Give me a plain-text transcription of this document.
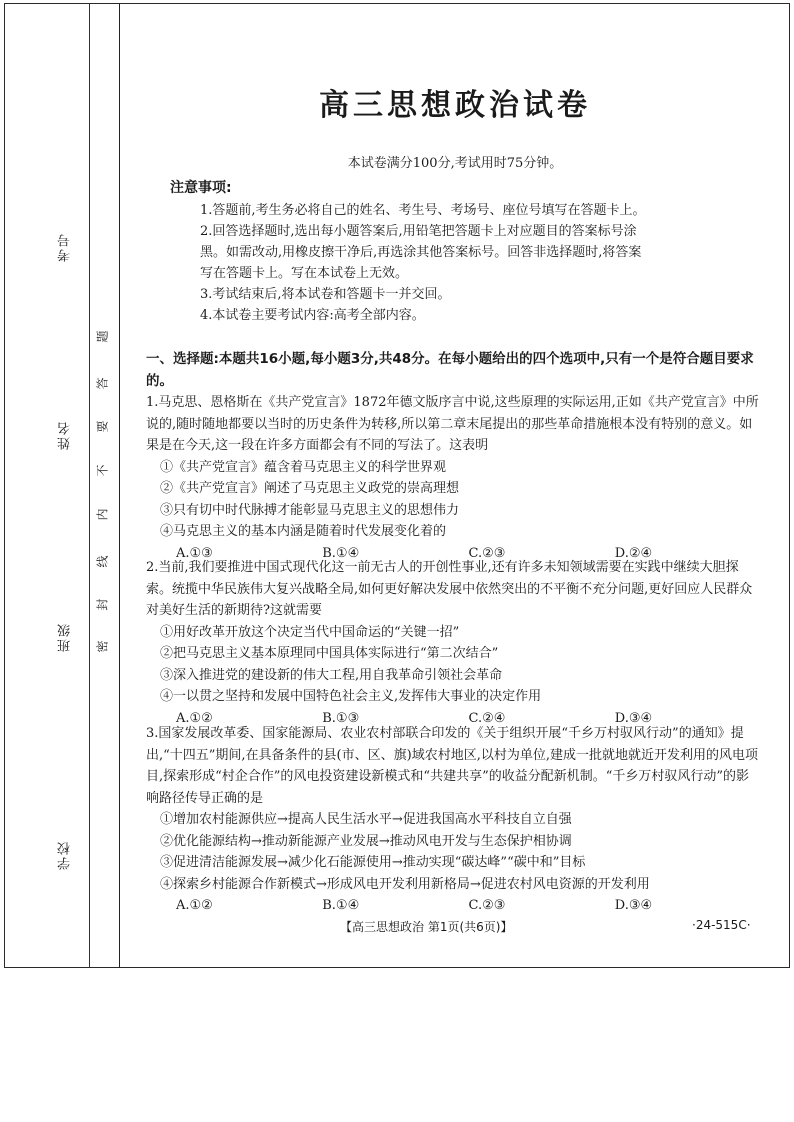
考号
姓名
班级
学校
题
答
要
不
内
线
封
密
高三思想政治试卷
本试卷满分100分,考试用时75分钟。
注意事项:
1.答题前,考生务必将自己的姓名、考生号、考场号、座位号填写在答题卡上。
2.回答选择题时,选出每小题答案后,用铅笔把答题卡上对应题目的答案标号涂黑。如需改动,用橡皮擦干净后,再选涂其他答案标号。回答非选择题时,将答案写在答题卡上。写在本试卷上无效。
3.考试结束后,将本试卷和答题卡一并交回。
4.本试卷主要考试内容:高考全部内容。
一、选择题:本题共16小题,每小题3分,共48分。在每小题给出的四个选项中,只有一个是符合题目要求的。
1.马克思、恩格斯在《共产党宣言》1872年德文版序言中说,这些原理的实际运用,正如《共产党宣言》中所说的,随时随地都要以当时的历史条件为转移,所以第二章末尾提出的那些革命措施根本没有特别的意义。如果是在今天,这一段在许多方面都会有不同的写法了。这表明
①《共产党宣言》蕴含着马克思主义的科学世界观
②《共产党宣言》阐述了马克思主义政党的崇高理想
③只有切中时代脉搏才能彰显马克思主义的思想伟力
④马克思主义的基本内涵是随着时代发展变化着的
A.①③	B.①④	C.②③	D.②④
2.当前,我们要推进中国式现代化这一前无古人的开创性事业,还有许多未知领域需要在实践中继续大胆探索。统揽中华民族伟大复兴战略全局,如何更好解决发展中依然突出的不平衡不充分问题,更好回应人民群众对美好生活的新期待?这就需要
①用好改革开放这个决定当代中国命运的“关键一招”
②把马克思主义基本原理同中国具体实际进行“第二次结合”
③深入推进党的建设新的伟大工程,用自我革命引领社会革命
④一以贯之坚持和发展中国特色社会主义,发挥伟大事业的决定作用
A.①②	B.①③	C.②④	D.③④
3.国家发展改革委、国家能源局、农业农村部联合印发的《关于组织开展“千乡万村驭风行动”的通知》提出,“十四五”期间,在具备条件的县(市、区、旗)域农村地区,以村为单位,建成一批就地就近开发利用的风电项目,探索形成“村企合作”的风电投资建设新模式和“共建共享”的收益分配新机制。“千乡万村驭风行动”的影响路径传导正确的是
①增加农村能源供应→提高人民生活水平→促进我国高水平科技自立自强
②优化能源结构→推动新能源产业发展→推动风电开发与生态保护相协调
③促进清洁能源发展→减少化石能源使用→推动实现“碳达峰”“碳中和”目标
④探索乡村能源合作新模式→形成风电开发利用新格局→促进农村风电资源的开发利用
A.①②	B.①④	C.②③	D.③④
【高三思想政治 第1页(共6页)】	·24-515C·
